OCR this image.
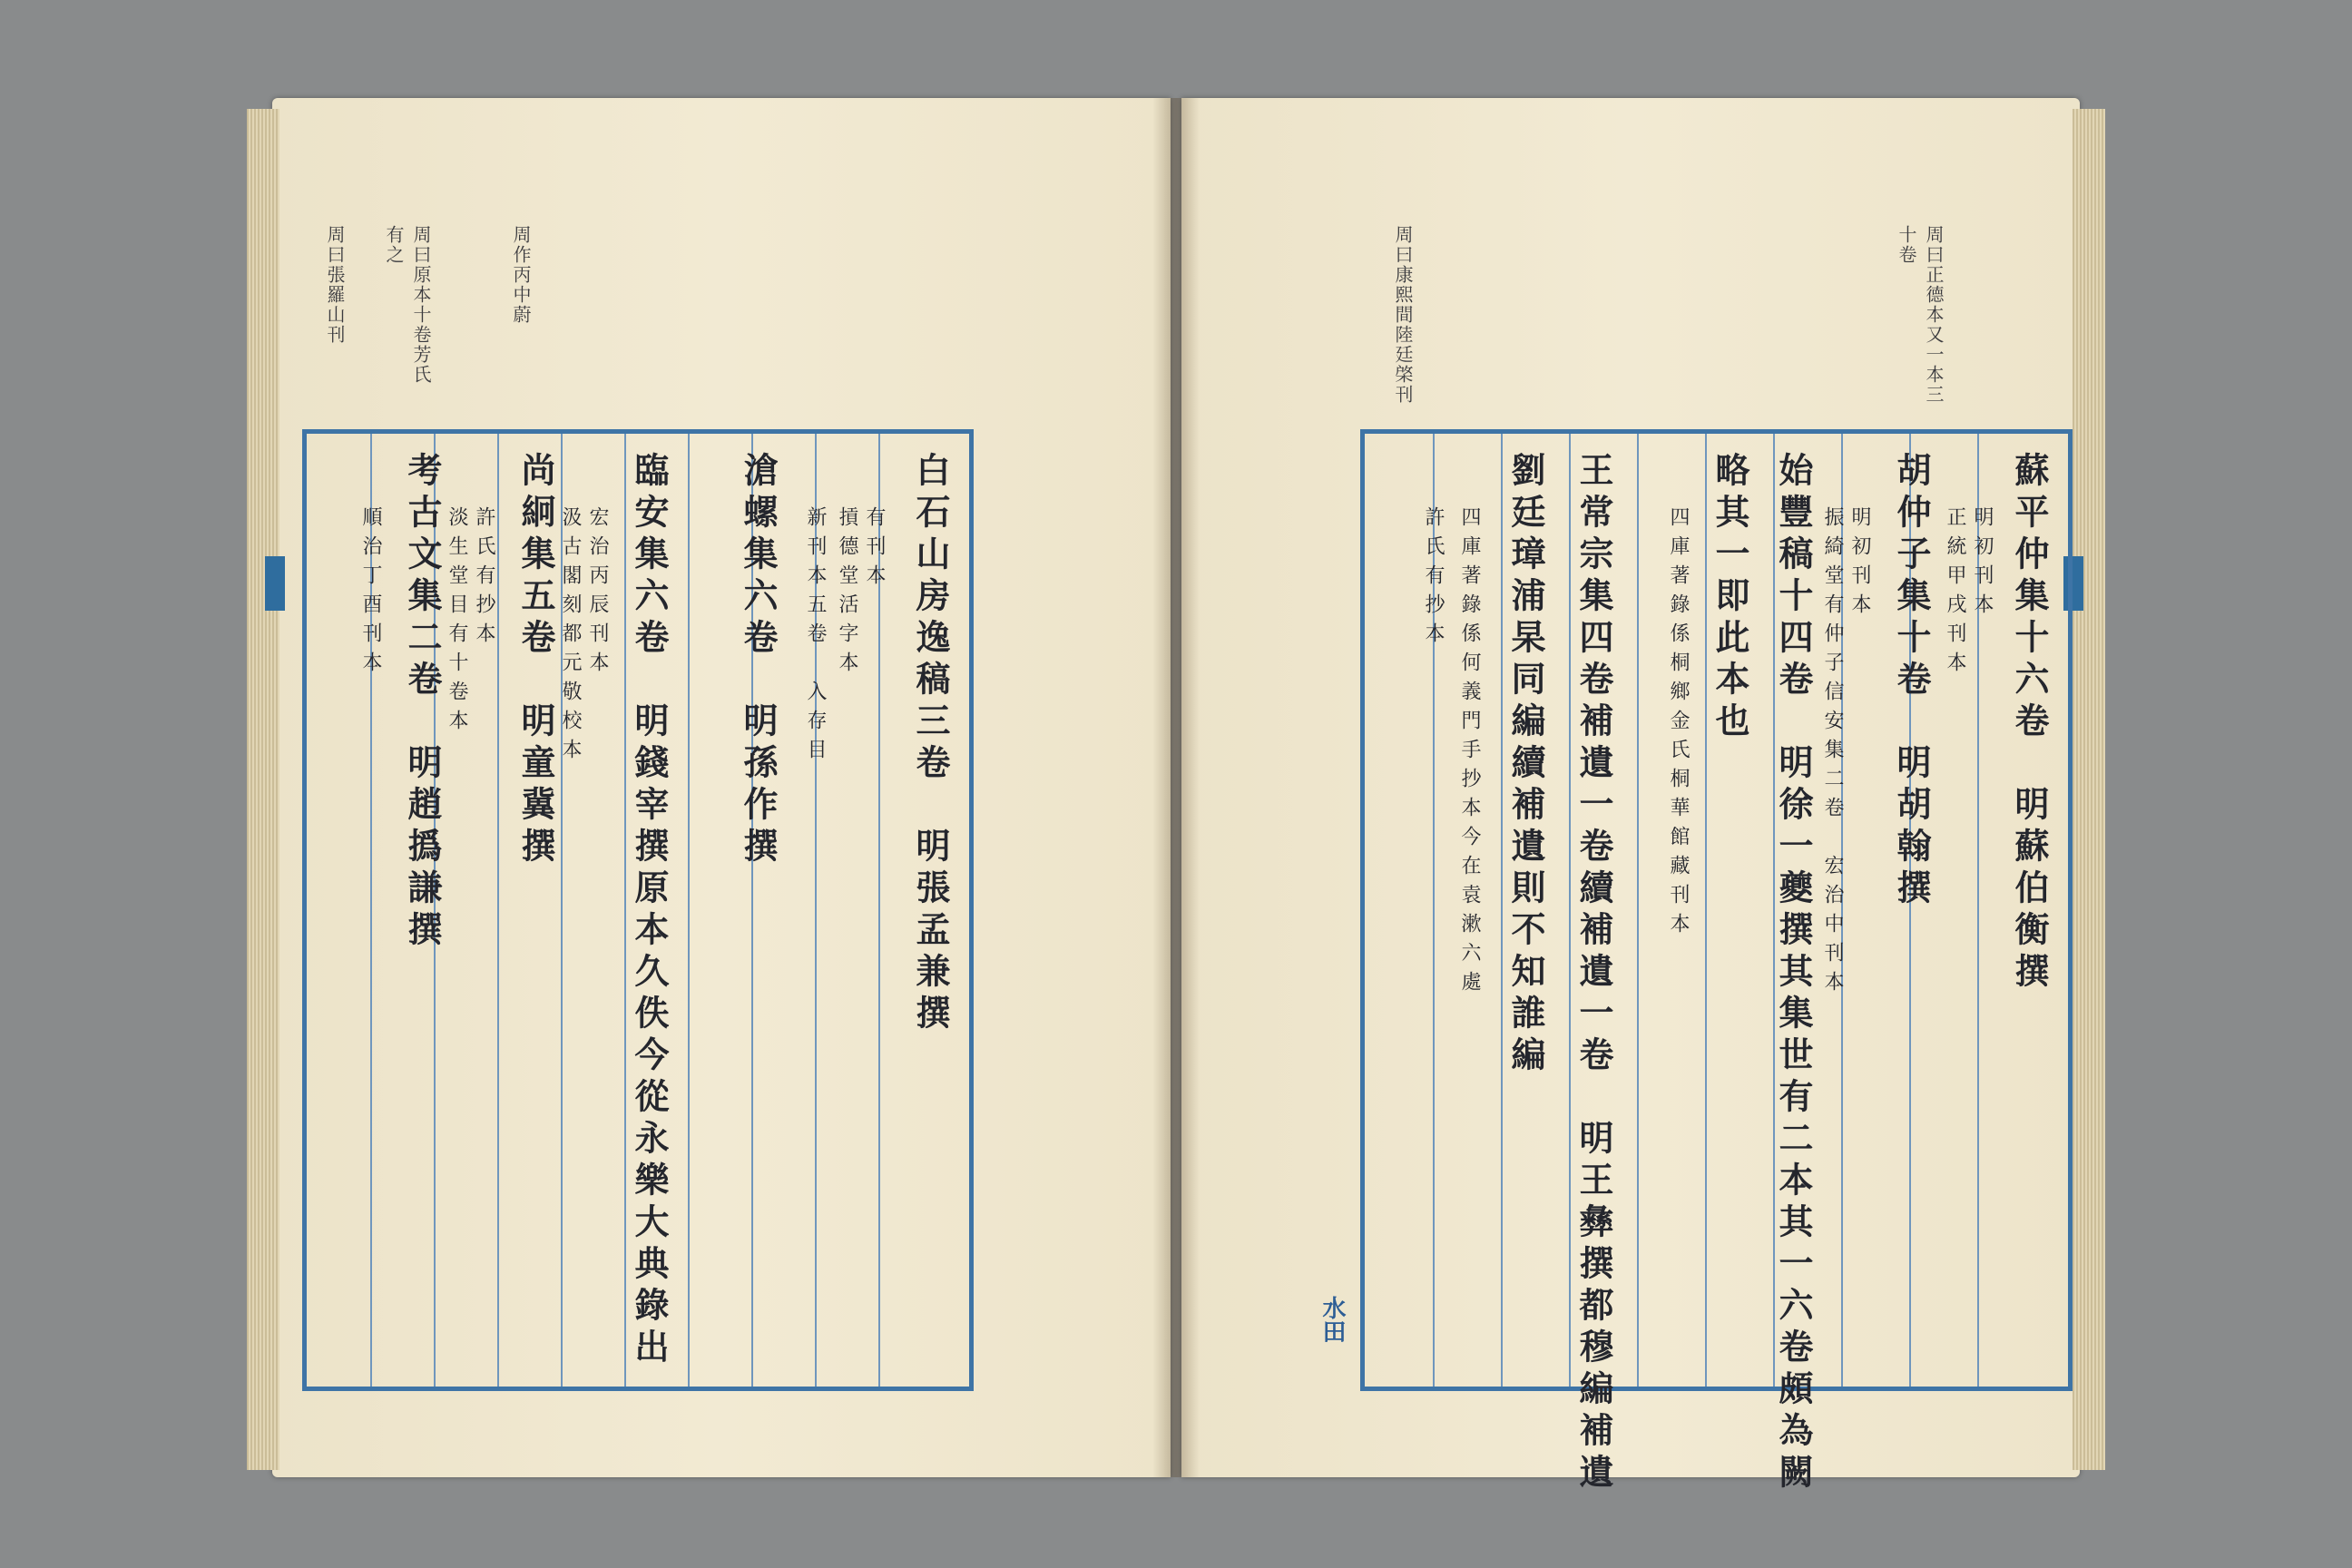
周曰張羅山刊	周曰原本十卷芳氏
有之	周作丙中蔚
白石山房逸稿三卷　明張孟兼撰
有刊本
摃德堂活字本
新刊本五卷　入存目
滄螺集六卷　明孫作撰
臨安集六卷　明錢宰撰原本久佚今從永樂大典錄出
宏治丙辰刊本
汲古閣刻都元敬校本
尚絅集五卷　明童冀撰
許氏有抄本
淡生堂目有十卷本
考古文集二卷　明趙撝謙撰
順治丁酉刊本
周曰正德本又一本三
十卷
周曰康熙間陸廷棨刊
蘇平仲集十六卷　明蘇伯衡撰
明初刊本
正統甲戌刊本
胡仲子集十卷　明胡翰撰
明初刊本
振綺堂有仲子信安集二卷　宏治中刊本
始豐稿十四卷　明徐一夔撰其集世有二本其一六卷頗為闕
略其一即此本也
四庫著錄係桐鄉金氏桐華館藏刊本
王常宗集四卷補遺一卷續補遺一卷　明王彝撰都穆編補遺
劉廷璋浦杲同編續補遺則不知誰編
四庫著錄係何義門手抄本今在袁漱六處
許氏有抄本
水田
